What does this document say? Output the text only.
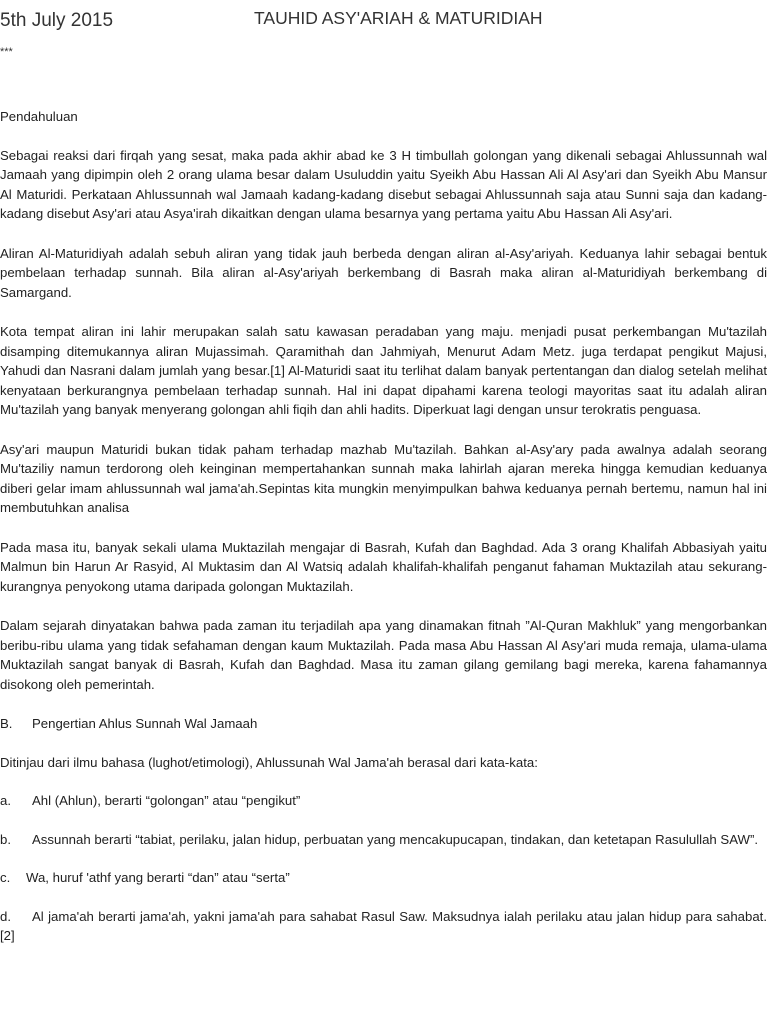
5th July 2015	TAUHID ASY'ARIAH & MATURIDIAH
***

Pendahuluan

Sebagai reaksi dari firqah yang sesat, maka pada akhir abad ke 3 H timbullah golongan yang dikenali sebagai Ahlussunnah wal Jamaah yang dipimpin oleh 2 orang ulama besar dalam Usuluddin yaitu Syeikh Abu Hassan Ali Al Asy'ari dan Syeikh Abu Mansur Al Maturidi. Perkataan Ahlussunnah wal Jamaah kadang-kadang disebut sebagai Ahlussunnah saja atau Sunni saja dan kadang-kadang disebut Asy'ari atau Asya'irah dikaitkan dengan ulama besarnya yang pertama yaitu Abu Hassan Ali Asy'ari.

Aliran Al-Maturidiyah adalah sebuh aliran yang tidak jauh berbeda dengan aliran al-Asy'ariyah. Keduanya lahir sebagai bentuk pembelaan terhadap sunnah. Bila aliran al-Asy'ariyah berkembang di Basrah maka aliran al-Maturidiyah berkembang di Samargand.

Kota tempat aliran ini lahir merupakan salah satu kawasan peradaban yang maju. menjadi pusat perkembangan Mu'tazilah disamping ditemukannya aliran Mujassimah. Qaramithah dan Jahmiyah, Menurut Adam Metz. juga terdapat pengikut Majusi, Yahudi dan Nasrani dalam jumlah yang besar.[1] Al-Maturidi saat itu terlihat dalam banyak pertentangan dan dialog setelah melihat kenyataan berkurangnya pembelaan terhadap sunnah. Hal ini dapat dipahami karena teologi mayoritas saat itu adalah aliran Mu'tazilah yang banyak menyerang golongan ahli fiqih dan ahli hadits. Diperkuat lagi dengan unsur terokratis penguasa.

Asy'ari maupun Maturidi bukan tidak paham terhadap mazhab Mu'tazilah. Bahkan al-Asy'ary pada awalnya adalah seorang Mu'taziliy namun terdorong oleh keinginan mempertahankan sunnah maka lahirlah ajaran mereka hingga kemudian keduanya diberi gelar imam ahlussunnah wal jama'ah.Sepintas kita mungkin menyimpulkan bahwa keduanya pernah bertemu, namun hal ini membutuhkan analisa

Pada masa itu, banyak sekali ulama Muktazilah mengajar di Basrah, Kufah dan Baghdad. Ada 3 orang Khalifah Abbasiyah yaitu Malmun bin Harun Ar Rasyid, Al Muktasim dan Al Watsiq adalah khalifah-khalifah penganut fahaman Muktazilah atau sekurang-kurangnya penyokong utama daripada golongan Muktazilah.

Dalam sejarah dinyatakan bahwa pada zaman itu terjadilah apa yang dinamakan fitnah ”Al-Quran Makhluk” yang mengorbankan beribu-ribu ulama yang tidak sefahaman dengan kaum Muktazilah. Pada masa Abu Hassan Al Asy'ari muda remaja, ulama-ulama Muktazilah sangat banyak di Basrah, Kufah dan Baghdad. Masa itu zaman gilang gemilang bagi mereka, karena fahamannya disokong oleh pemerintah.

B. Pengertian Ahlus Sunnah Wal Jamaah

Ditinjau dari ilmu bahasa (lughot/etimologi), Ahlussunah Wal Jama'ah berasal dari kata-kata:

a. Ahl (Ahlun), berarti “golongan” atau “pengikut”

b. Assunnah berarti “tabiat, perilaku, jalan hidup, perbuatan yang mencakupucapan, tindakan, dan ketetapan Rasulullah SAW”.

c. Wa, huruf 'athf yang berarti “dan” atau “serta”

d. Al jama'ah berarti jama'ah, yakni jama'ah para sahabat Rasul Saw. Maksudnya ialah perilaku atau jalan hidup para sahabat.[2]
